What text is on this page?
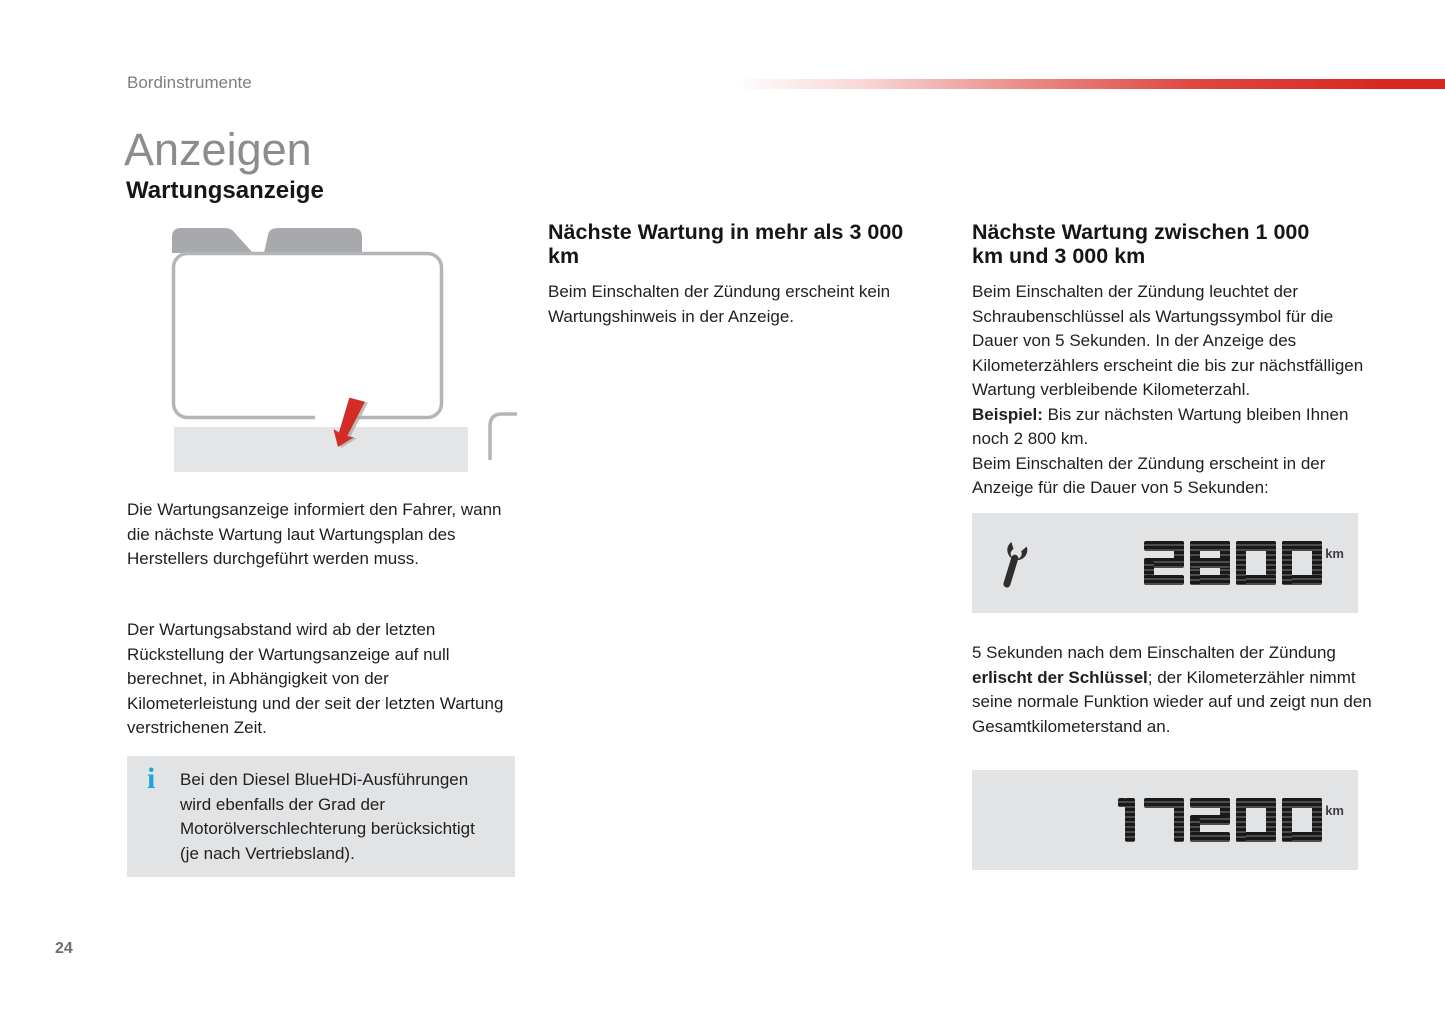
Bordinstrumente
Anzeigen
Wartungsanzeige
Die Wartungsanzeige informiert den Fahrer, wann die nächste Wartung laut Wartungsplan des Herstellers durchgeführt werden muss.
Der Wartungsabstand wird ab der letzten Rückstellung der Wartungsanzeige auf null berechnet, in Abhängigkeit von der Kilometerleistung und der seit der letzten Wartung verstrichenen Zeit.
i Bei den Diesel BlueHDi-Ausführungen wird ebenfalls der Grad der Motorölverschlechterung berücksichtigt (je nach Vertriebsland).
Nächste Wartung in mehr als 3 000 km
Beim Einschalten der Zündung erscheint kein Wartungshinweis in der Anzeige.
Nächste Wartung zwischen 1 000 km und 3 000 km

Beim Einschalten der Zündung leuchtet der Schraubenschlüssel als Wartungssymbol für die Dauer von 5 Sekunden. In der Anzeige des Kilometerzählers erscheint die bis zur nächstfälligen Wartung verbleibende Kilometerzahl.

Beispiel: Bis zur nächsten Wartung bleiben Ihnen noch 2 800 km.

Beim Einschalten der Zündung erscheint in der Anzeige für die Dauer von 5 Sekunden:

km
5 Sekunden nach dem Einschalten der Zündung erlischt der Schlüssel; der Kilometerzähler nimmt seine normale Funktion wieder auf und zeigt nun den Gesamtkilometerstand an.
km
24
